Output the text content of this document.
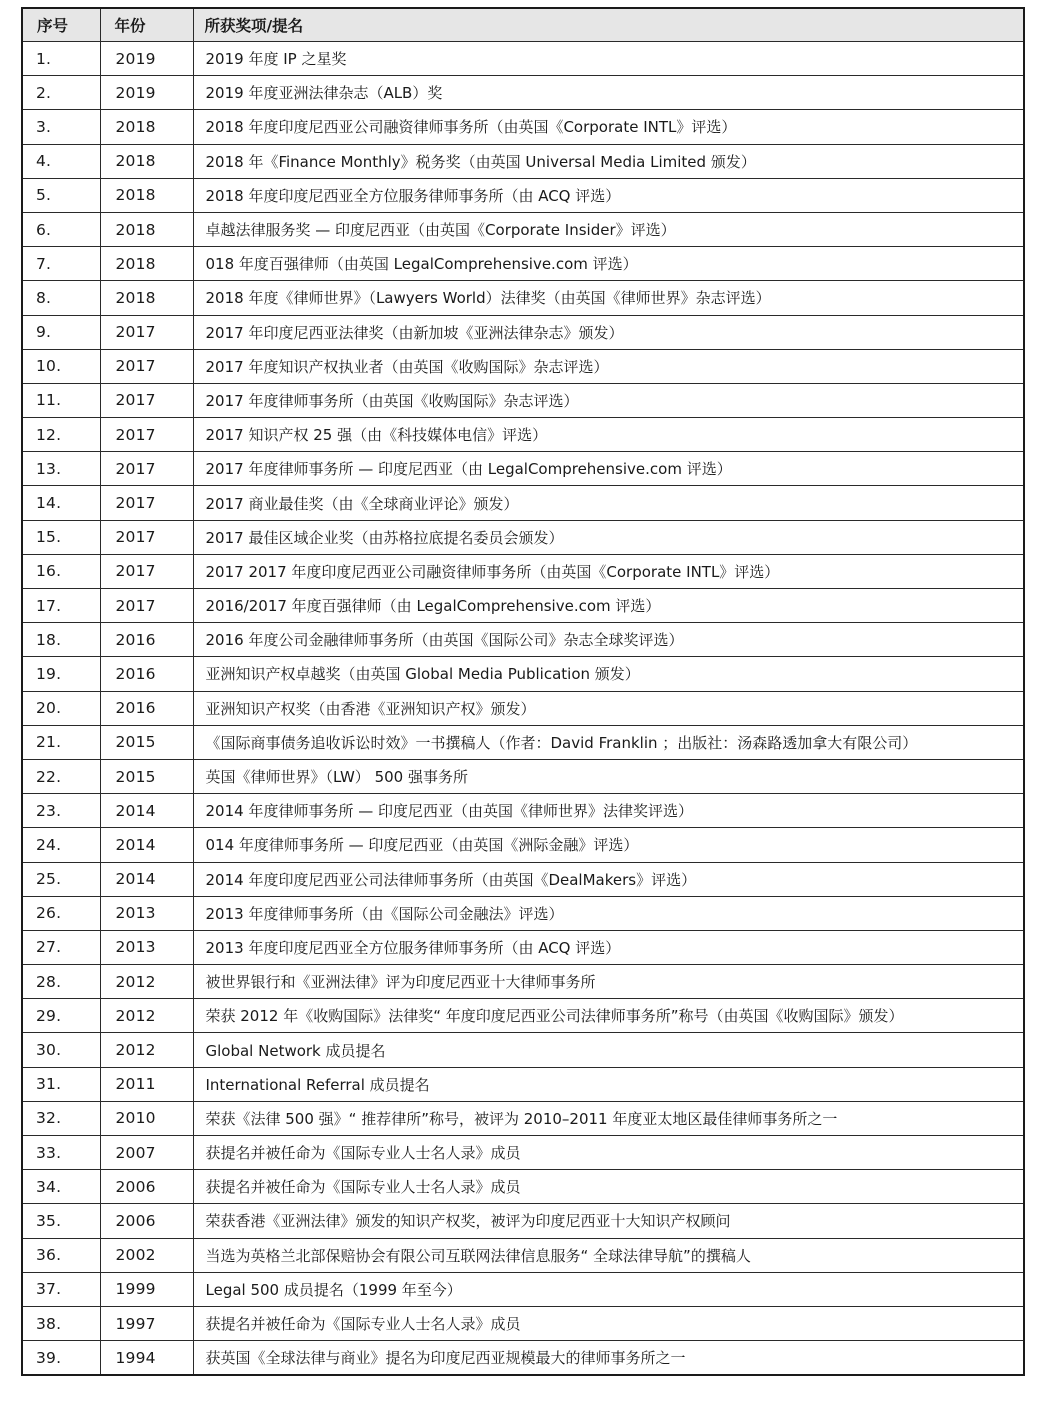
序号	年份	所获奖项/提名
1.	2019	2019 年度 IP 之星奖
2.	2019	2019 年度亚洲法律杂志（ALB）奖
3.	2018	2018 年度印度尼西亚公司融资律师事务所（由英国《Corporate INTL》评选）
4.	2018	2018 年《Finance Monthly》税务奖（由英国 Universal Media Limited 颁发）
5.	2018	2018 年度印度尼西亚全方位服务律师事务所（由 ACQ 评选）
6.	2018	卓越法律服务奖 — 印度尼西亚（由英国《Corporate Insider》评选）
7.	2018	018 年度百强律师（由英国 LegalComprehensive.com 评选）
8.	2018	2018 年度《律师世界》（Lawyers World）法律奖（由英国《律师世界》杂志评选）
9.	2017	2017 年印度尼西亚法律奖（由新加坡《亚洲法律杂志》颁发）
10.	2017	2017 年度知识产权执业者（由英国《收购国际》杂志评选）
11.	2017	2017 年度律师事务所（由英国《收购国际》杂志评选）
12.	2017	2017 知识产权 25 强（由《科技媒体电信》评选）
13.	2017	2017 年度律师事务所 — 印度尼西亚（由 LegalComprehensive.com 评选）
14.	2017	2017 商业最佳奖（由《全球商业评论》颁发）
15.	2017	2017 最佳区域企业奖（由苏格拉底提名委员会颁发）
16.	2017	2017 2017 年度印度尼西亚公司融资律师事务所（由英国《Corporate INTL》评选）
17.	2017	2016/2017 年度百强律师（由 LegalComprehensive.com 评选）
18.	2016	2016 年度公司金融律师事务所（由英国《国际公司》杂志全球奖评选）
19.	2016	亚洲知识产权卓越奖（由英国 Global Media Publication 颁发）
20.	2016	亚洲知识产权奖（由香港《亚洲知识产权》颁发）
21.	2015	《国际商事债务追收诉讼时效》一书撰稿人（作者：David Franklin ；出版社：汤森路透加拿大有限公司）
22.	2015	英国《律师世界》（LW） 500 强事务所
23.	2014	2014 年度律师事务所 — 印度尼西亚（由英国《律师世界》法律奖评选）
24.	2014	014 年度律师事务所 — 印度尼西亚（由英国《洲际金融》评选）
25.	2014	2014 年度印度尼西亚公司法律师事务所（由英国《DealMakers》评选）
26.	2013	2013 年度律师事务所（由《国际公司金融法》评选）
27.	2013	2013 年度印度尼西亚全方位服务律师事务所（由 ACQ 评选）
28.	2012	被世界银行和《亚洲法律》评为印度尼西亚十大律师事务所
29.	2012	荣获 2012 年《收购国际》法律奖“ 年度印度尼西亚公司法律师事务所”称号（由英国《收购国际》颁发）
30.	2012	Global Network 成员提名
31.	2011	International Referral 成员提名
32.	2010	荣获《法律 500 强》“ 推荐律所”称号，被评为 2010–2011 年度亚太地区最佳律师事务所之一
33.	2007	获提名并被任命为《国际专业人士名人录》成员
34.	2006	获提名并被任命为《国际专业人士名人录》成员
35.	2006	荣获香港《亚洲法律》颁发的知识产权奖，被评为印度尼西亚十大知识产权顾问
36.	2002	当选为英格兰北部保赔协会有限公司互联网法律信息服务“ 全球法律导航”的撰稿人
37.	1999	Legal 500 成员提名（1999 年至今）
38.	1997	获提名并被任命为《国际专业人士名人录》成员
39.	1994	获英国《全球法律与商业》提名为印度尼西亚规模最大的律师事务所之一
